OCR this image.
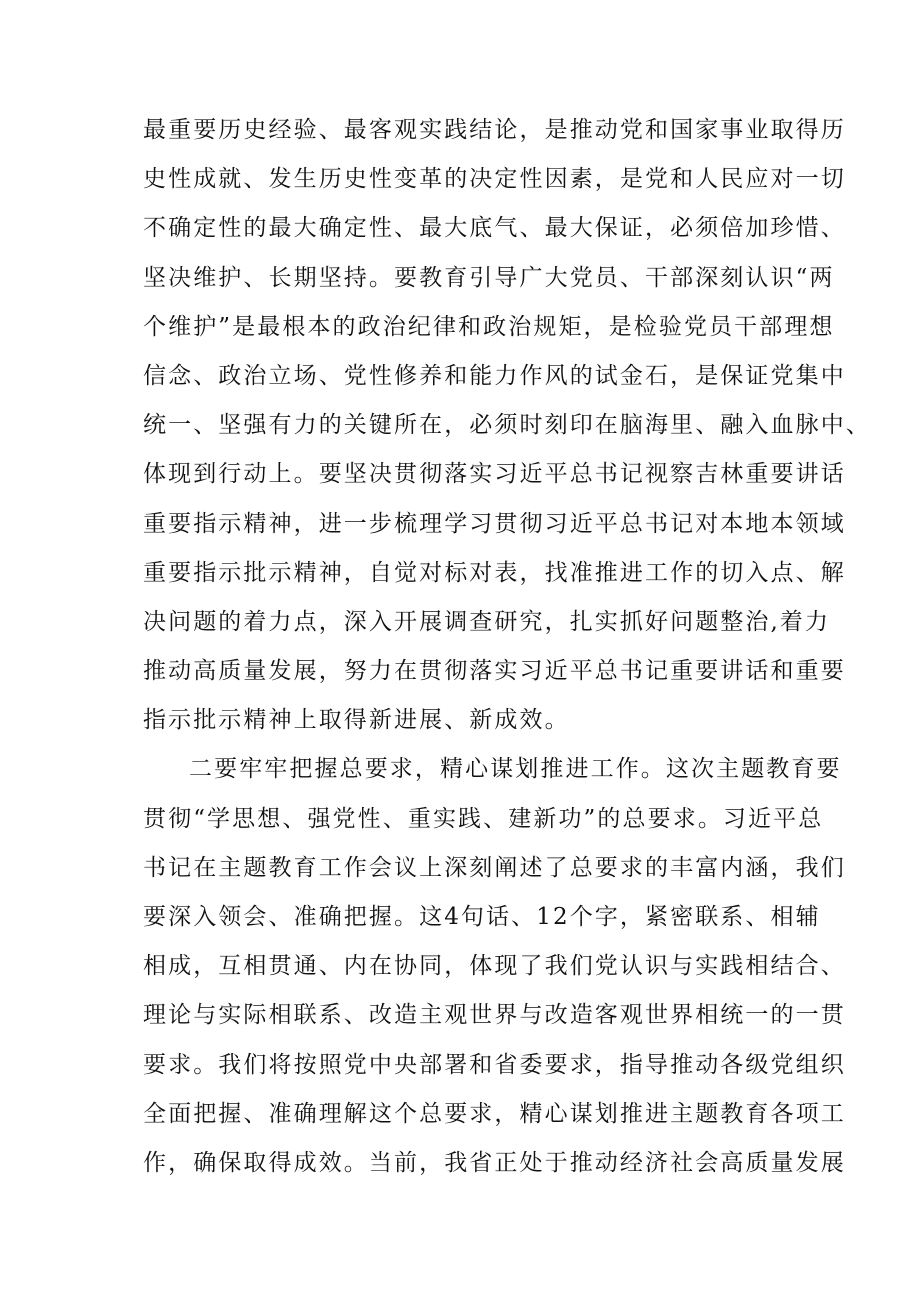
最重要历史经验、最客观实践结论，是推动党和国家事业取得历
史性成就、发生历史性变革的决定性因素，是党和人民应对一切
不确定性的最大确定性、最大底气、最大保证，必须倍加珍惜、
坚决维护、长期坚持。要教育引导广大党员、干部深刻认识“两
个维护”是最根本的政治纪律和政治规矩，是检验党员干部理想
信念、政治立场、党性修养和能力作风的试金石，是保证党集中
统一、坚强有力的关键所在，必须时刻印在脑海里、融入血脉中、
体现到行动上。要坚决贯彻落实习近平总书记视察吉林重要讲话
重要指示精神，进一步梳理学习贯彻习近平总书记对本地本领域
重要指示批示精神，自觉对标对表，找准推进工作的切入点、解
决问题的着力点，深入开展调查研究，扎实抓好问题整治,着力
推动高质量发展，努力在贯彻落实习近平总书记重要讲话和重要
指示批示精神上取得新进展、新成效。
二要牢牢把握总要求，精心谋划推进工作。这次主题教育要
贯彻“学思想、强党性、重实践、建新功”的总要求。习近平总
书记在主题教育工作会议上深刻阐述了总要求的丰富内涵，我们
要深入领会、准确把握。这4句话、12个字，紧密联系、相辅
相成，互相贯通、内在协同，体现了我们党认识与实践相结合、
理论与实际相联系、改造主观世界与改造客观世界相统一的一贯
要求。我们将按照党中央部署和省委要求，指导推动各级党组织
全面把握、准确理解这个总要求，精心谋划推进主题教育各项工
作，确保取得成效。当前，我省正处于推动经济社会高质量发展
